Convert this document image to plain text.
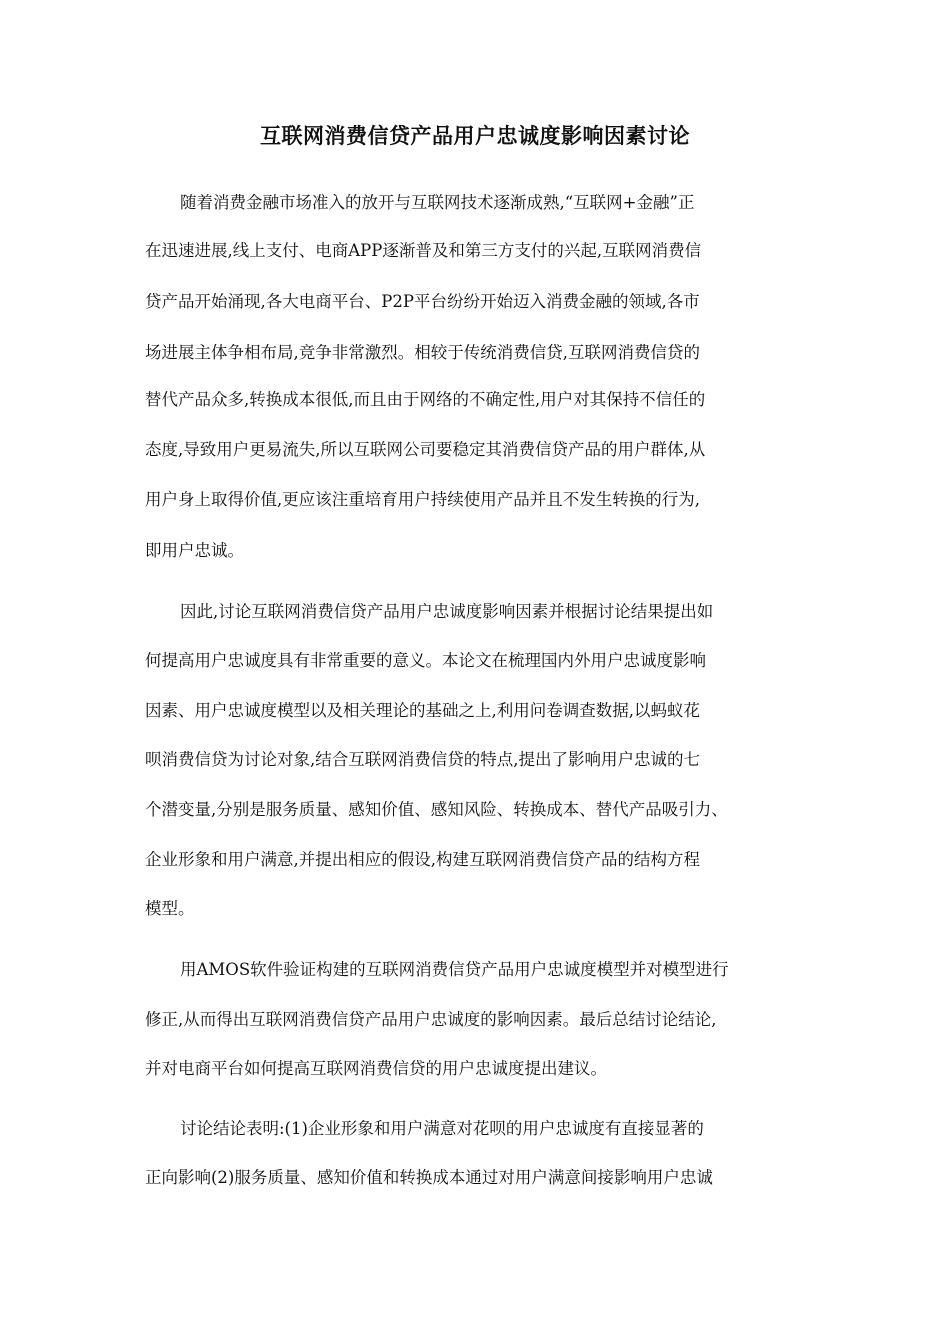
互联网消费信贷产品用户忠诚度影响因素讨论
随着消费金融市场准入的放开与互联网技术逐渐成熟,“互联网+金融”正
在迅速进展,线上支付、电商APP逐渐普及和第三方支付的兴起,互联网消费信
贷产品开始涌现,各大电商平台、P2P平台纷纷开始迈入消费金融的领域,各市
场进展主体争相布局,竞争非常激烈。相较于传统消费信贷,互联网消费信贷的
替代产品众多,转换成本很低,而且由于网络的不确定性,用户对其保持不信任的
态度,导致用户更易流失,所以互联网公司要稳定其消费信贷产品的用户群体,从
用户身上取得价值,更应该注重培育用户持续使用产品并且不发生转换的行为,
即用户忠诚。
因此,讨论互联网消费信贷产品用户忠诚度影响因素并根据讨论结果提出如
何提高用户忠诚度具有非常重要的意义。本论文在梳理国内外用户忠诚度影响
因素、用户忠诚度模型以及相关理论的基础之上,利用问卷调查数据,以蚂蚁花
呗消费信贷为讨论对象,结合互联网消费信贷的特点,提出了影响用户忠诚的七
个潜变量,分别是服务质量、感知价值、感知风险、转换成本、替代产品吸引力、
企业形象和用户满意,并提出相应的假设,构建互联网消费信贷产品的结构方程
模型。
用AMOS软件验证构建的互联网消费信贷产品用户忠诚度模型并对模型进行
修正,从而得出互联网消费信贷产品用户忠诚度的影响因素。最后总结讨论结论,
并对电商平台如何提高互联网消费信贷的用户忠诚度提出建议。
讨论结论表明:(1)企业形象和用户满意对花呗的用户忠诚度有直接显著的
正向影响(2)服务质量、感知价值和转换成本通过对用户满意间接影响用户忠诚
